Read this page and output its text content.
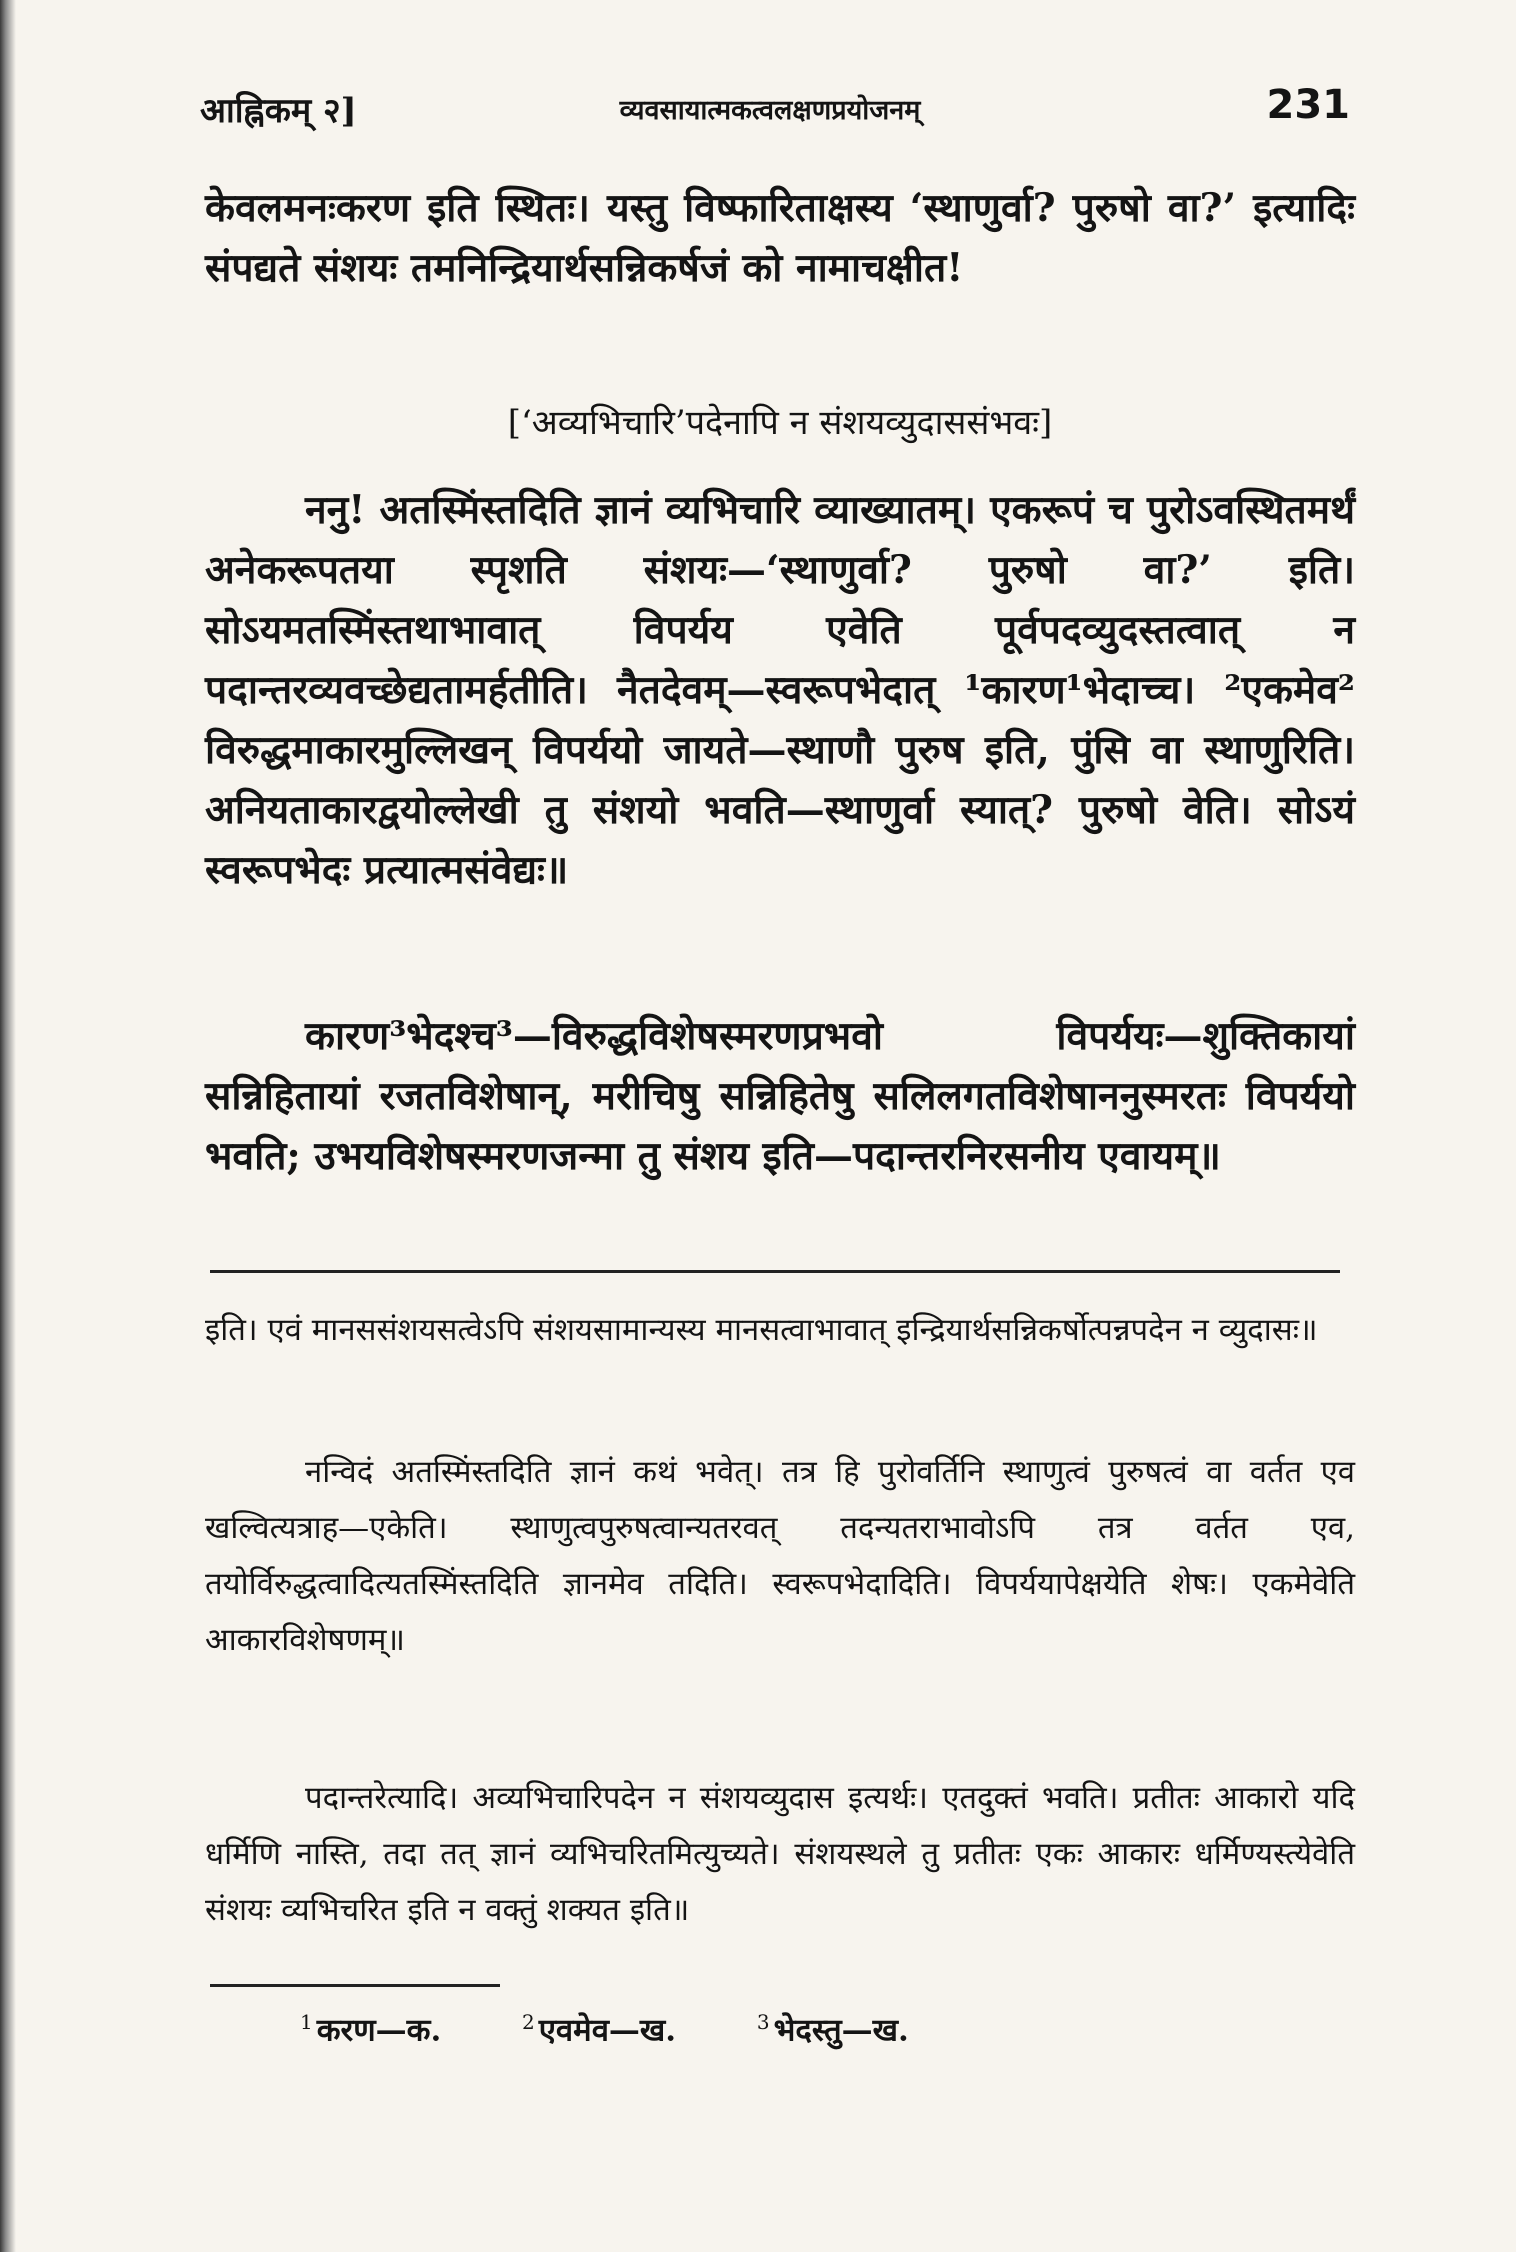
आह्निकम् २]	व्यवसायात्मकत्वलक्षणप्रयोजनम्	231

केवलमनःकरण इति स्थितः। यस्तु विष्फारिताक्षस्य ‘स्थाणुर्वा? पुरुषो वा?’ इत्यादिः संपद्यते संशयः तमनिन्द्रियार्थसन्निकर्षजं को नामाचक्षीत!

[‘अव्यभिचारि’पदेनापि न संशयव्युदाससंभवः]

ननु! अतस्मिंस्तदिति ज्ञानं व्यभिचारि व्याख्यातम्। एकरूपं च पुरोऽवस्थितमर्थं अनेकरूपतया स्पृशति संशयः—‘स्थाणुर्वा? पुरुषो वा?’ इति। सोऽयमतस्मिंस्तथाभावात् विपर्यय एवेति पूर्वपदव्युदस्तत्वात् न पदान्तरव्यवच्छेद्यतामर्हतीति। नैतदेवम्—स्वरूपभेदात् ¹कारण¹भेदाच्च। ²एकमेव² विरुद्धमाकारमुल्लिखन् विपर्ययो जायते—स्थाणौ पुरुष इति, पुंसि वा स्थाणुरिति। अनियताकारद्वयोल्लेखी तु संशयो भवति—स्थाणुर्वा स्यात्? पुरुषो वेति। सोऽयं स्वरूपभेदः प्रत्यात्मसंवेद्यः॥

कारण³भेदश्च³—विरुद्धविशेषस्मरणप्रभवो विपर्ययः—शुक्तिकायां सन्निहितायां रजतविशेषान्, मरीचिषु सन्निहितेषु सलिलगतविशेषाननुस्मरतः विपर्ययो भवति; उभयविशेषस्मरणजन्मा तु संशय इति—पदान्तरनिरसनीय एवायम्॥

इति। एवं मानससंशयसत्वेऽपि संशयसामान्यस्य मानसत्वाभावात् इन्द्रियार्थसन्निकर्षोत्पन्नपदेन न व्युदासः॥

नन्विदं अतस्मिंस्तदिति ज्ञानं कथं भवेत्। तत्र हि पुरोवर्तिनि स्थाणुत्वं पुरुषत्वं वा वर्तत एव खल्वित्यत्राह—एकेति। स्थाणुत्वपुरुषत्वान्यतरवत् तदन्यतराभावोऽपि तत्र वर्तत एव, तयोर्विरुद्धत्वादित्यतस्मिंस्तदिति ज्ञानमेव तदिति। स्वरूपभेदादिति। विपर्ययापेक्षयेति शेषः। एकमेवेति आकारविशेषणम्॥

पदान्तरेत्यादि। अव्यभिचारिपदेन न संशयव्युदास इत्यर्थः। एतदुक्तं भवति। प्रतीतः आकारो यदि धर्मिणि नास्ति, तदा तत् ज्ञानं व्यभिचरितमित्युच्यते। संशयस्थले तु प्रतीतः एकः आकारः धर्मिण्यस्त्येवेति संशयः व्यभिचरित इति न वक्तुं शक्यत इति॥

$^1$ करण—क.	$^2$ एवमेव—ख.	$^3$ भेदस्तु—ख.
